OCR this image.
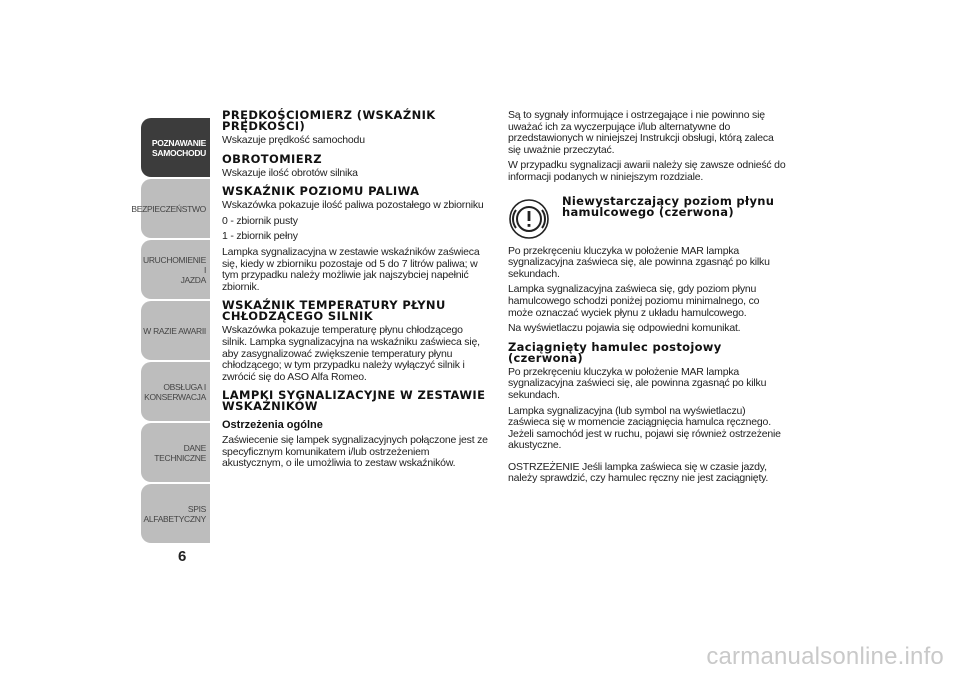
POZNAWANIE
SAMOCHODU
BEZPIECZEŃSTWO
URUCHOMIENIE I
JAZDA
W RAZIE AWARII
OBSŁUGA I
KONSERWACJA
DANE TECHNICZNE
SPIS ALFABETYCZNY
6
PRĘDKOŚCIOMIERZ (WSKAŹNIK PRĘDKOŚCI)

Wskazuje prędkość samochodu

OBROTOMIERZ

Wskazuje ilość obrotów silnika

WSKAŹNIK POZIOMU PALIWA

Wskazówka pokazuje ilość paliwa pozostałego w zbiorniku

0 - zbiornik pusty

1 - zbiornik pełny

Lampka sygnalizacyjna w zestawie wskaźników zaświeca się, kiedy w zbiorniku pozostaje od 5 do 7 litrów paliwa; w tym przypadku należy możliwie jak najszybciej napełnić zbiornik.

WSKAŹNIK TEMPERATURY PŁYNU CHŁODZĄCEGO SILNIK

Wskazówka pokazuje temperaturę płynu chłodzącego silnik. Lampka sygnalizacyjna na wskaźniku zaświeca się, aby zasygnalizować zwiększenie temperatury płynu chłodzącego; w tym przypadku należy wyłączyć silnik i zwrócić się do ASO Alfa Romeo.

LAMPKI SYGNALIZACYJNE W ZESTAWIE WSKAŹNIKÓW
Ostrzeżenia ogólne

Zaświecenie się lampek sygnalizacyjnych połączone jest ze specyficznym komunikatem i/lub ostrzeżeniem akustycznym, o ile umożliwia to zestaw wskaźników.

Są to sygnały informujące i ostrzegające i nie powinno się uważać ich za wyczerpujące i/lub alternatywne do przedstawionych w niniejszej Instrukcji obsługi, którą zaleca się uważnie przeczytać.

W przypadku sygnalizacji awarii należy się zawsze odnieść do informacji podanych w niniejszym rozdziale.

Niewystarczający poziom płynu hamulcowego (czerwona)

Po przekręceniu kluczyka w położenie MAR lampka sygnalizacyjna zaświeca się, ale powinna zgasnąć po kilku sekundach.

Lampka sygnalizacyjna zaświeca się, gdy poziom płynu hamulcowego schodzi poniżej poziomu minimalnego, co może oznaczać wyciek płynu z układu hamulcowego.

Na wyświetlaczu pojawia się odpowiedni komunikat.

Zaciągnięty hamulec postojowy (czerwona)

Po przekręceniu kluczyka w położenie MAR lampka sygnalizacyjna zaświeci się, ale powinna zgasnąć po kilku sekundach.

Lampka sygnalizacyjna (lub symbol na wyświetlaczu) zaświeca się w momencie zaciągnięcia hamulca ręcznego. Jeżeli samochód jest w ruchu, pojawi się również ostrzeżenie akustyczne.

OSTRZEŻENIE Jeśli lampka zaświeca się w czasie jazdy, należy sprawdzić, czy hamulec ręczny nie jest zaciągnięty.

carmanualsonline.info
